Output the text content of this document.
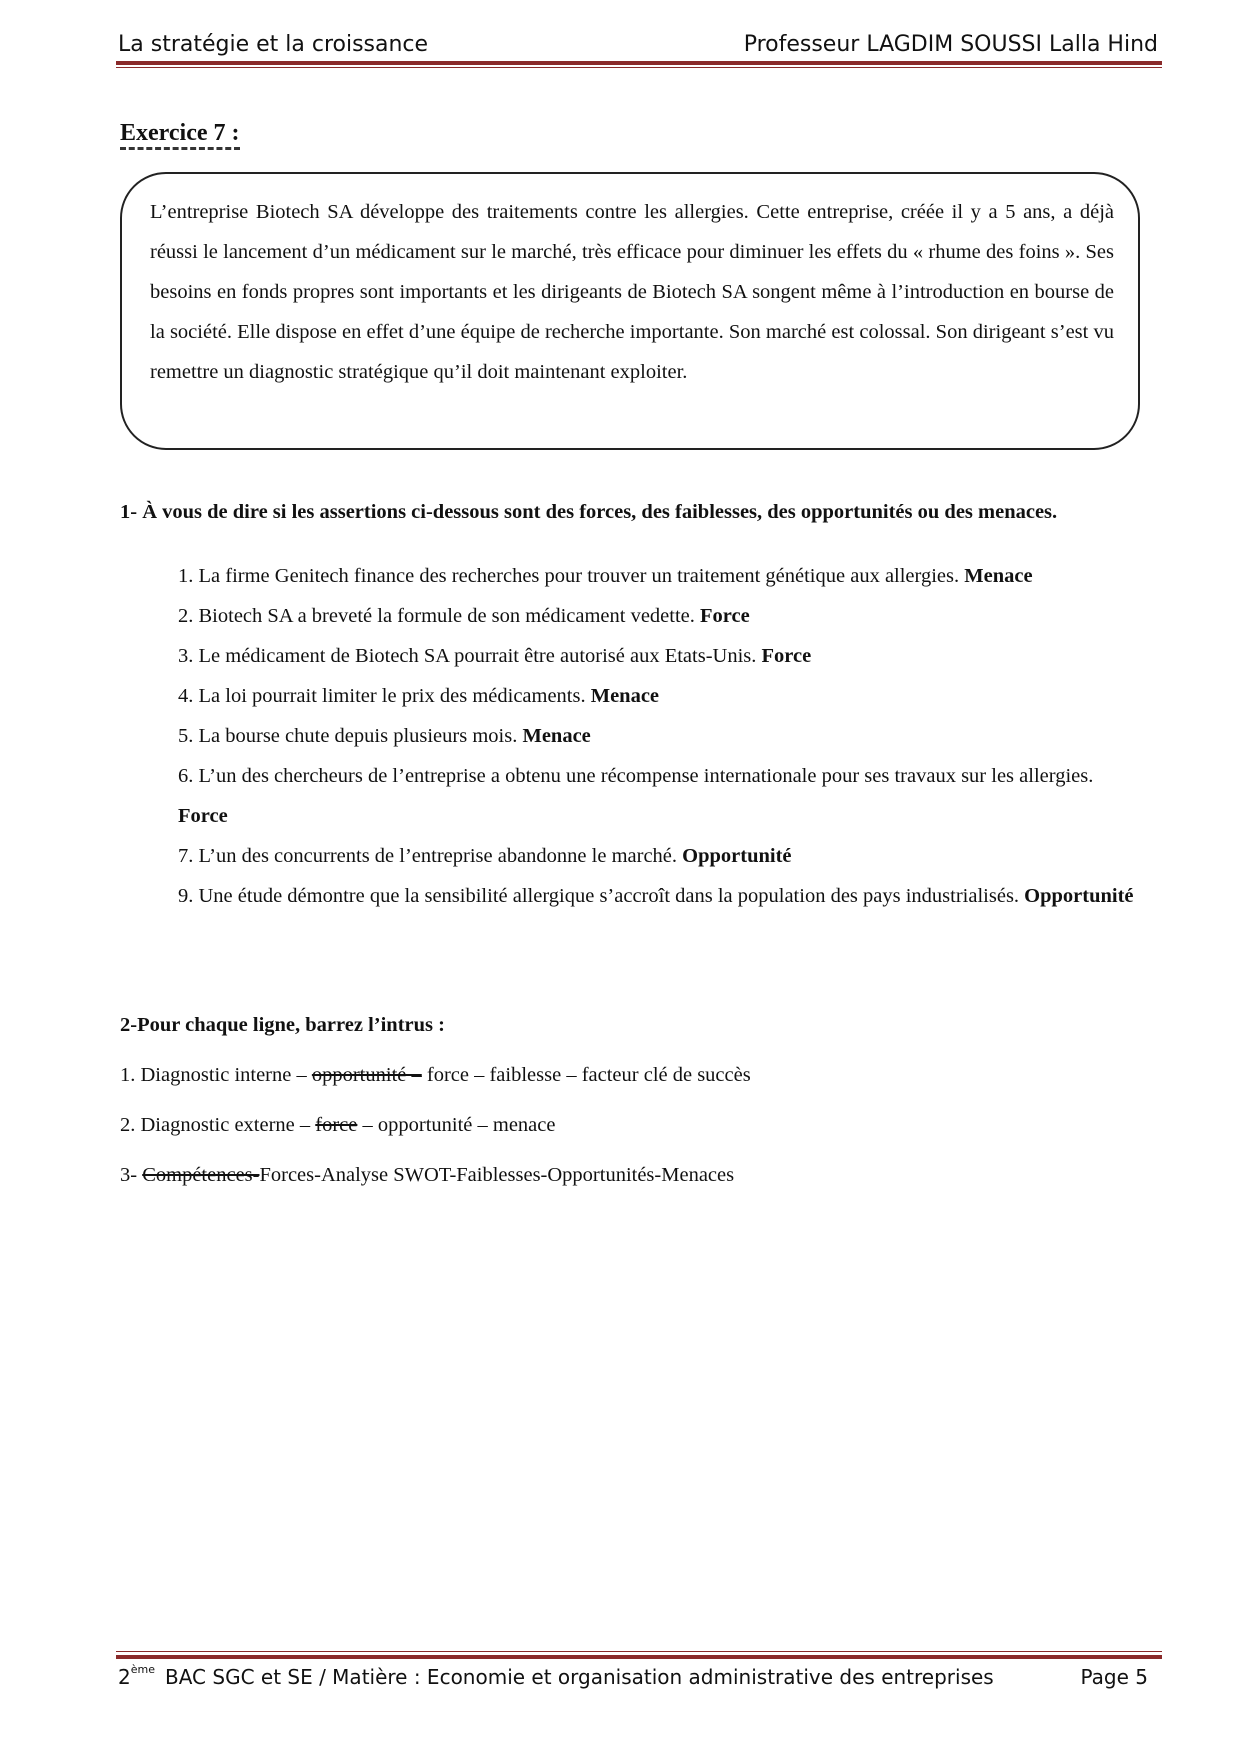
La stratégie et la croissance	Professeur LAGDIM SOUSSI Lalla Hind
Exercice 7 :

L’entreprise Biotech SA développe des traitements contre les allergies. Cette entreprise, créée il y a 5 ans, a déjà réussi le lancement d’un médicament sur le marché, très efficace pour diminuer les effets du « rhume des foins ». Ses besoins en fonds propres sont importants et les dirigeants de Biotech SA songent même à l’introduction en bourse de la société. Elle dispose en effet d’une équipe de recherche importante. Son marché est colossal. Son dirigeant s’est vu remettre un diagnostic stratégique qu’il doit maintenant exploiter.

1- À vous de dire si les assertions ci-dessous sont des forces, des faiblesses, des opportunités ou des menaces.
1. La firme Genitech finance des recherches pour trouver un traitement génétique aux allergies. Menace
2. Biotech SA a breveté la formule de son médicament vedette. Force
3. Le médicament de Biotech SA pourrait être autorisé aux Etats-Unis. Force
4. La loi pourrait limiter le prix des médicaments. Menace
5. La bourse chute depuis plusieurs mois. Menace
6. L’un des chercheurs de l’entreprise a obtenu une récompense internationale pour ses travaux sur les allergies. Force
7. L’un des concurrents de l’entreprise abandonne le marché. Opportunité
9. Une étude démontre que la sensibilité allergique s’accroît dans la population des pays industrialisés. Opportunité
2-Pour chaque ligne, barrez l’intrus :
1. Diagnostic interne – opportunité – force – faiblesse – facteur clé de succès
2. Diagnostic externe – force – opportunité – menace
3- Compétences-Forces-Analyse SWOT-Faiblesses-Opportunités-Menaces
2ème BAC SGC et SE / Matière : Economie et organisation administrative des entreprises	Page 5
